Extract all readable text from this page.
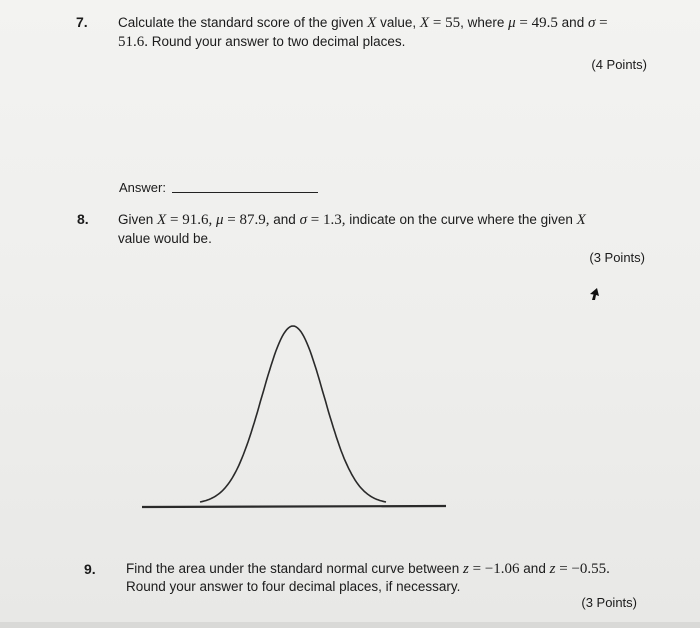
7. Calculate the standard score of the given X value, X = 55, where μ = 49.5 and σ =
51.6. Round your answer to two decimal places.
(4 Points)
Answer:
8. Given X = 91.6, μ = 87.9, and σ = 1.3, indicate on the curve where the given X
value would be.
(3 Points)
9. Find the area under the standard normal curve between z = −1.06 and z = −0.55.
Round your answer to four decimal places, if necessary.
(3 Points)
